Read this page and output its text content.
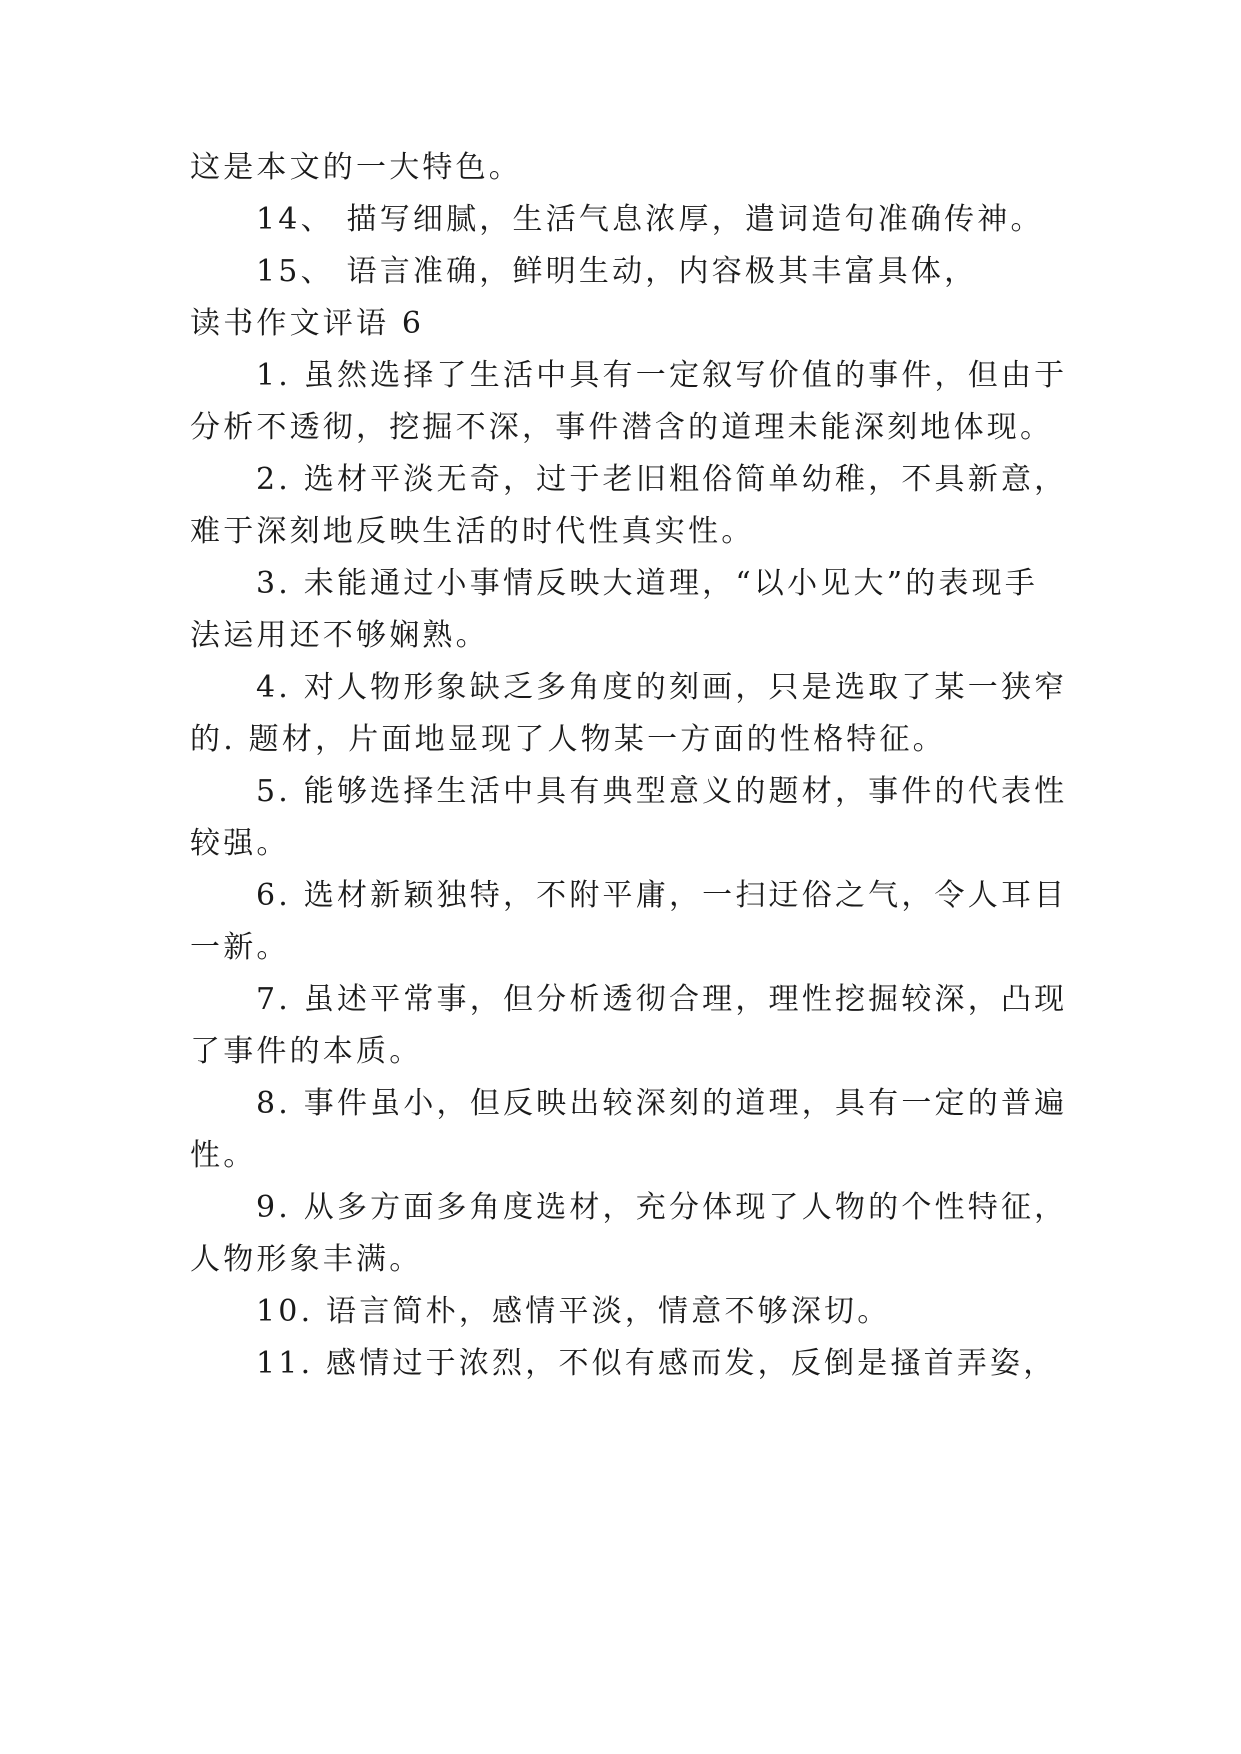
这是本文的一大特色。
14、 描写细腻，生活气息浓厚，遣词造句准确传神。
15、 语言准确，鲜明生动，内容极其丰富具体，
读书作文评语 6
1. 虽然选择了生活中具有一定叙写价值的事件，但由于
分析不透彻，挖掘不深，事件潜含的道理未能深刻地体现。
2. 选材平淡无奇，过于老旧粗俗简单幼稚，不具新意，
难于深刻地反映生活的时代性真实性。
3. 未能通过小事情反映大道理，“以小见大”的表现手
法运用还不够娴熟。
4. 对人物形象缺乏多角度的刻画，只是选取了某一狭窄
的. 题材，片面地显现了人物某一方面的性格特征。
5. 能够选择生活中具有典型意义的题材，事件的代表性
较强。
6. 选材新颖独特，不附平庸，一扫迂俗之气，令人耳目
一新。
7. 虽述平常事，但分析透彻合理，理性挖掘较深，凸现
了事件的本质。
8. 事件虽小，但反映出较深刻的道理，具有一定的普遍
性。
9. 从多方面多角度选材，充分体现了人物的个性特征，
人物形象丰满。
10. 语言简朴，感情平淡，情意不够深切。
11. 感情过于浓烈，不似有感而发，反倒是搔首弄姿，
